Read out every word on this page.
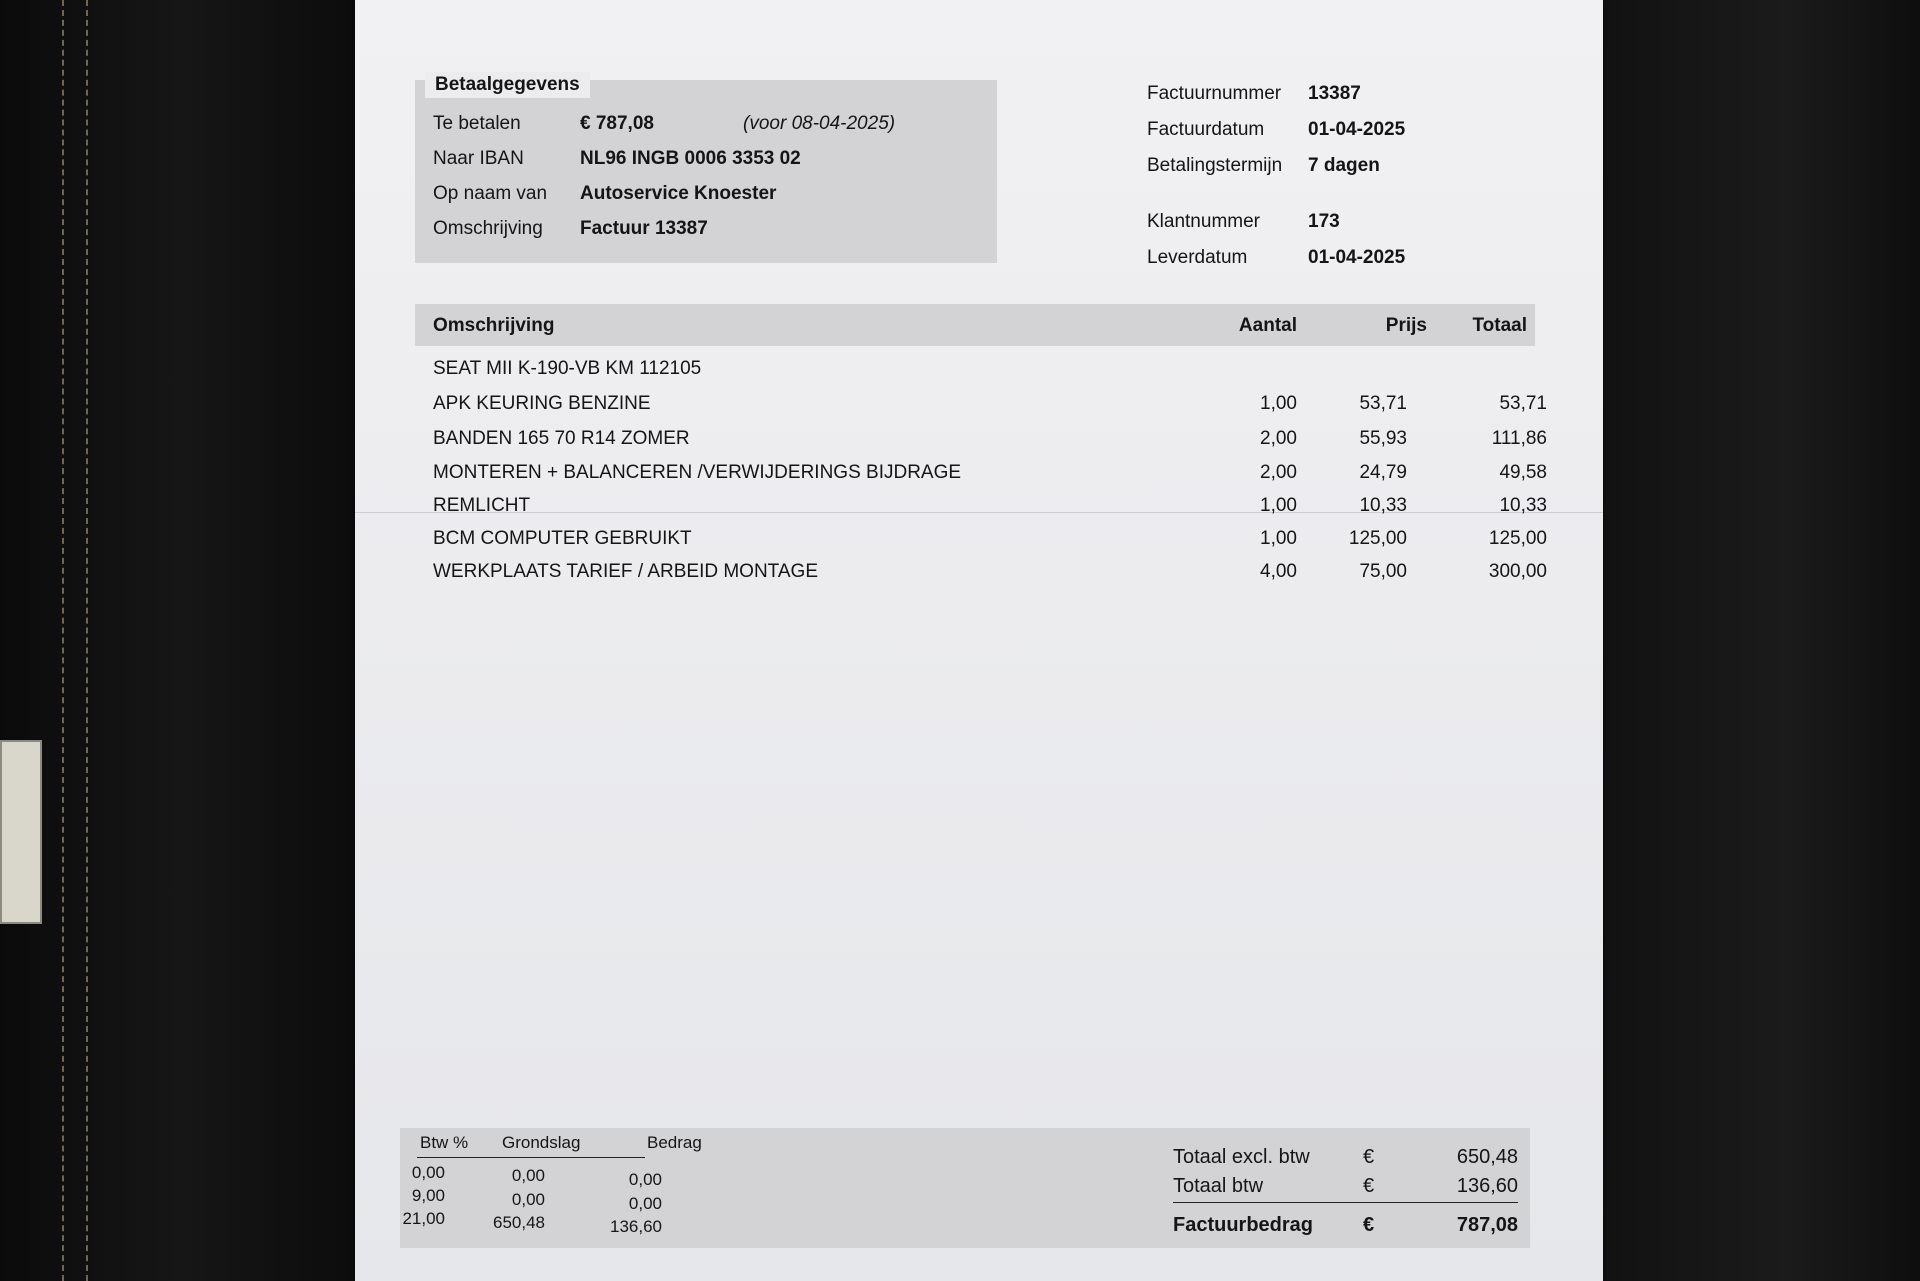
Betaalgegevens
Te betalen	€ 787,08	(voor 08-04-2025)
Naar IBAN	NL96 INGB 0006 3353 02
Op naam van Autoservice Knoester
Omschrijving Factuur 13387
Factuurnummer 13387
Factuurdatum 01-04-2025
Betalingstermijn 7 dagen
Klantnummer	173
Leverdatum	01-04-2025
Omschrijving	Aantal	Prijs	Totaal
SEAT MII K-190-VB KM 112105
APK KEURING BENZINE	1,00	53,71	53,71
BANDEN 165 70 R14 ZOMER	2,00	55,93	111,86
MONTEREN + BALANCEREN /VERWIJDERINGS BIJDRAGE	2,00	24,79	49,58
REMLICHT	1,00	10,33	10,33
BCM COMPUTER GEBRUIKT	1,00	125,00	125,00
WERKPLAATS TARIEF / ARBEID MONTAGE	4,00	75,00	300,00
Btw % Grondslag	Bedrag
0,00	0,00	0,00
9,00	0,00	0,00
21,00	650,48	136,60
Totaal excl. btw	€	650,48
Totaal btw	€	136,60
Factuurbedrag €	787,08
